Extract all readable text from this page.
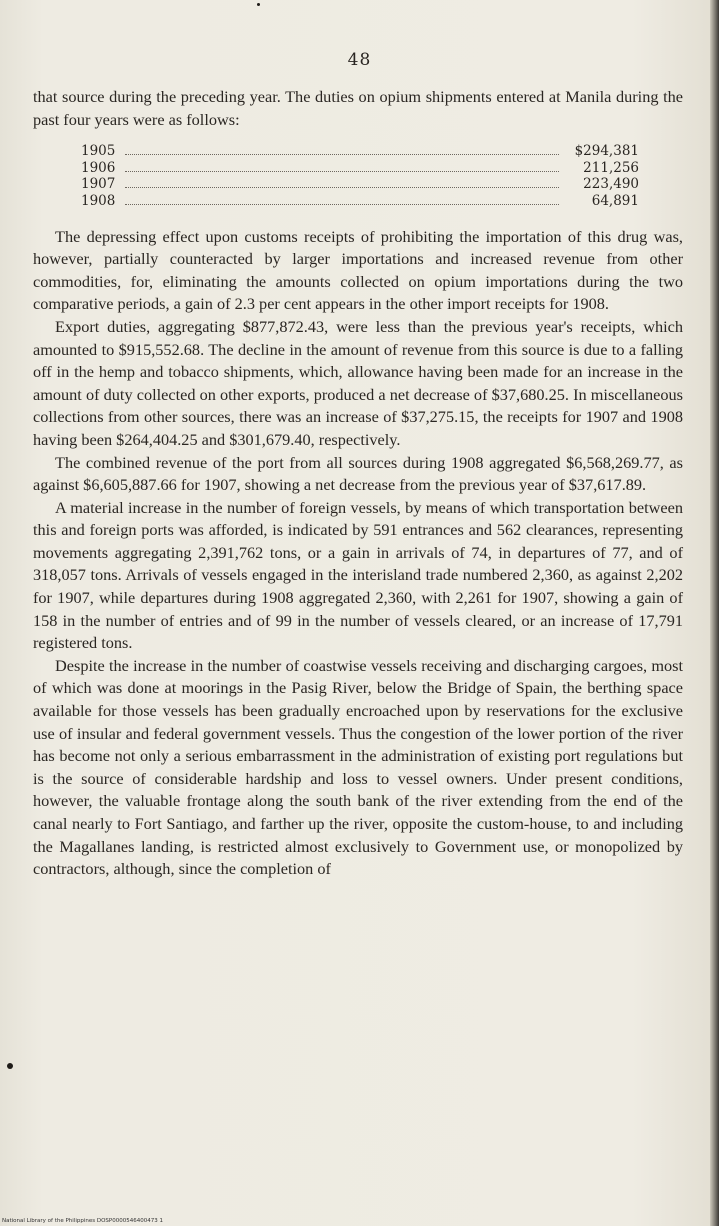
48

that source during the preceding year. The duties on opium shipments entered at Manila during the past four years were as follows:

1905	$294,381
1906	211,256
1907	223,490
1908	64,891

The depressing effect upon customs receipts of prohibiting the importation of this drug was, however, partially counteracted by larger importations and increased revenue from other commodities, for, eliminating the amounts collected on opium importations during the two comparative periods, a gain of 2.3 per cent appears in the other import receipts for 1908.

Export duties, aggregating $877,872.43, were less than the previous year's receipts, which amounted to $915,552.68. The decline in the amount of revenue from this source is due to a falling off in the hemp and tobacco shipments, which, allowance having been made for an increase in the amount of duty collected on other exports, produced a net decrease of $37,680.25. In miscellaneous collections from other sources, there was an increase of $37,275.15, the receipts for 1907 and 1908 having been $264,404.25 and $301,679.40, respectively.

The combined revenue of the port from all sources during 1908 aggregated $6,568,269.77, as against $6,605,887.66 for 1907, showing a net decrease from the previous year of $37,617.89.

A material increase in the number of foreign vessels, by means of which transportation between this and foreign ports was afforded, is indicated by 591 entrances and 562 clearances, representing movements aggregating 2,391,762 tons, or a gain in arrivals of 74, in departures of 77, and of 318,057 tons. Arrivals of vessels engaged in the interisland trade numbered 2,360, as against 2,202 for 1907, while departures during 1908 aggregated 2,360, with 2,261 for 1907, showing a gain of 158 in the number of entries and of 99 in the number of vessels cleared, or an increase of 17,791 registered tons.

Despite the increase in the number of coastwise vessels receiving and discharging cargoes, most of which was done at moorings in the Pasig River, below the Bridge of Spain, the berthing space available for those vessels has been gradually encroached upon by reservations for the exclusive use of insular and federal government vessels. Thus the congestion of the lower portion of the river has become not only a serious embarrassment in the administration of existing port regulations but is the source of considerable hardship and loss to vessel owners. Under present conditions, however, the valuable frontage along the south bank of the river extending from the end of the canal nearly to Fort Santiago, and farther up the river, opposite the custom-house, to and including the Magallanes landing, is restricted almost exclusively to Government use, or monopolized by contractors, although, since the completion of

National Library of the Philippines DOSP0000546400473 1
